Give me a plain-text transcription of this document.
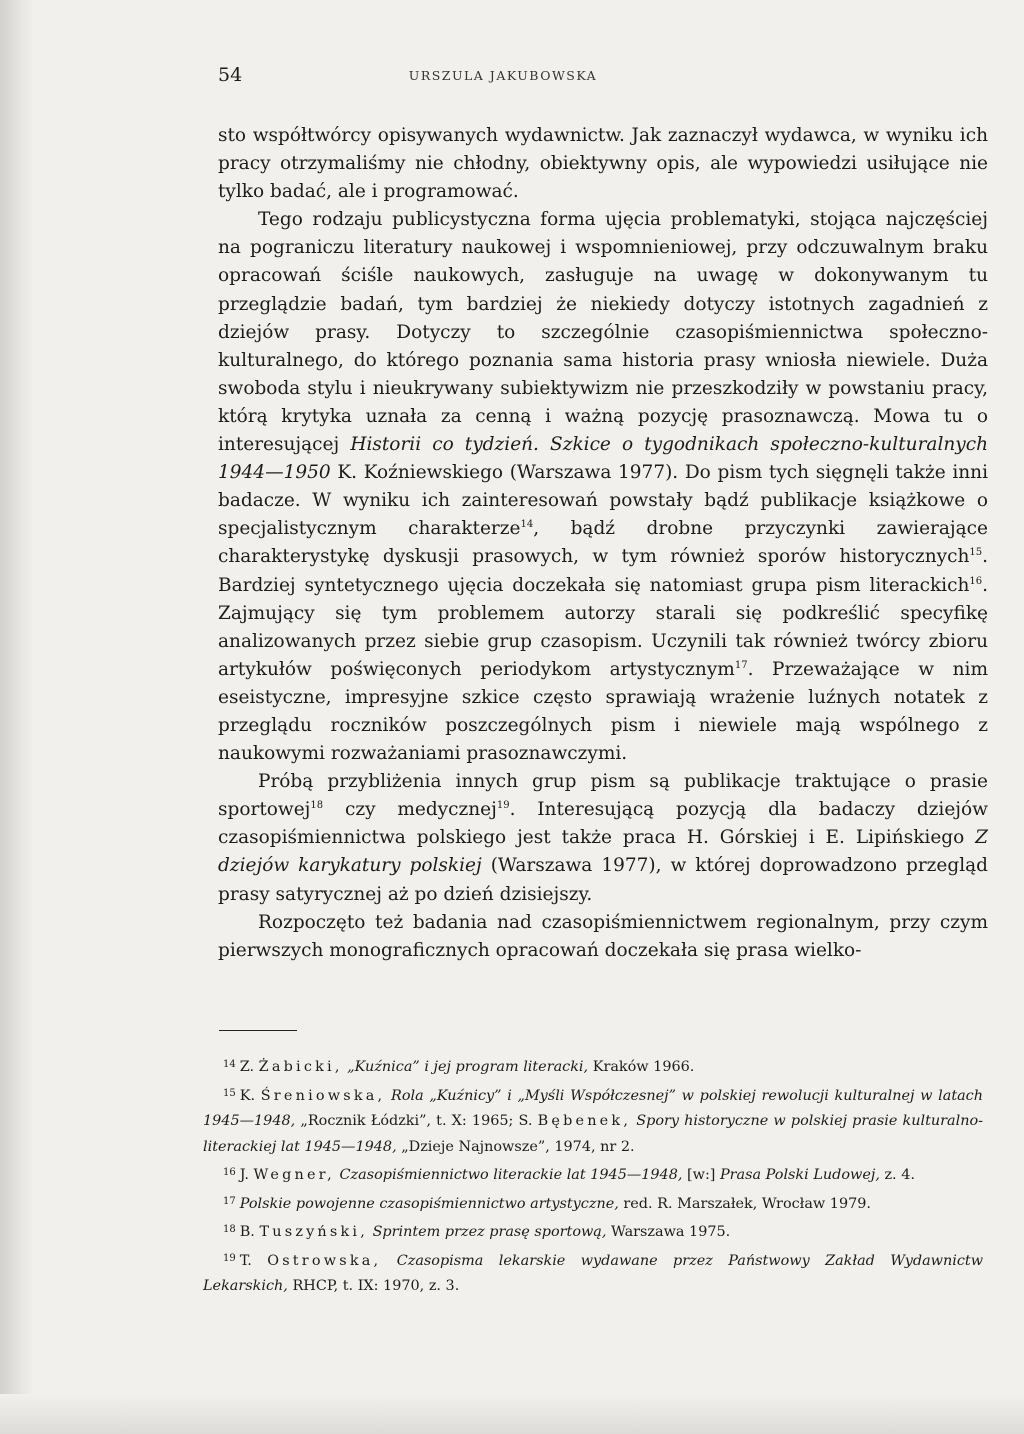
54	URSZULA JAKUBOWSKA

sto współtwórcy opisywanych wydawnictw. Jak zaznaczył wydawca, w wyniku ich pracy otrzymaliśmy nie chłodny, obiektywny opis, ale wypowiedzi usiłujące nie tylko badać, ale i programować.

Tego rodzaju publicystyczna forma ujęcia problematyki, stojąca najczęściej na pograniczu literatury naukowej i wspomnieniowej, przy odczuwalnym braku opracowań ściśle naukowych, zasługuje na uwagę w dokonywanym tu przeglądzie badań, tym bardziej że niekiedy dotyczy istotnych zagadnień z dziejów prasy. Dotyczy to szczególnie czasopiśmiennictwa społeczno-kulturalnego, do którego poznania sama historia prasy wniosła niewiele. Duża swoboda stylu i nieukrywany subiektywizm nie przeszkodziły w powstaniu pracy, którą krytyka uznała za cenną i ważną pozycję prasoznawczą. Mowa tu o interesującej Historii co tydzień. Szkice o tygodnikach społeczno-kulturalnych 1944—1950 K. Koźniewskiego (Warszawa 1977). Do pism tych sięgnęli także inni badacze. W wyniku ich zainteresowań powstały bądź publikacje książkowe o specjalistycznym charakterze$^{14}$, bądź drobne przyczynki zawierające charakterystykę dyskusji prasowych, w tym również sporów historycznych$^{15}$. Bardziej syntetycznego ujęcia doczekała się natomiast grupa pism literackich$^{16}$. Zajmujący się tym problemem autorzy starali się podkreślić specyfikę analizowanych przez siebie grup czasopism. Uczynili tak również twórcy zbioru artykułów poświęconych periodykom artystycznym$^{17}$. Przeważające w nim eseistyczne, impresyjne szkice często sprawiają wrażenie luźnych notatek z przeglądu roczników poszczególnych pism i niewiele mają wspólnego z naukowymi rozważaniami prasoznawczymi.

Próbą przybliżenia innych grup pism są publikacje traktujące o prasie sportowej$^{18}$ czy medycznej$^{19}$. Interesującą pozycją dla badaczy dziejów czasopiśmiennictwa polskiego jest także praca H. Górskiej i E. Lipińskiego Z dziejów karykatury polskiej (Warszawa 1977), w której doprowadzono przegląd prasy satyrycznej aż po dzień dzisiejszy.

Rozpoczęto też badania nad czasopiśmiennictwem regionalnym, przy czym pierwszych monograficznych opracowań doczekała się prasa wielko-

$^{14}$ Z. Żabicki, „Kuźnica” i jej program literacki, Kraków 1966.

$^{15}$ K. Śreniowska, Rola „Kuźnicy” i „Myśli Współczesnej” w polskiej rewolucji kulturalnej w latach 1945—1948, „Rocznik Łódzki”, t. X: 1965; S. Bębenek, Spory historyczne w polskiej prasie kulturalno-literackiej lat 1945—1948, „Dzieje Najnowsze”, 1974, nr 2.

$^{16}$ J. Wegner, Czasopiśmiennictwo literackie lat 1945—1948, [w:] Prasa Polski Ludowej, z. 4.

$^{17}$ Polskie powojenne czasopiśmiennictwo artystyczne, red. R. Marszałek, Wrocław 1979.

$^{18}$ B. Tuszyński, Sprintem przez prasę sportową, Warszawa 1975.

$^{19}$ T. Ostrowska, Czasopisma lekarskie wydawane przez Państwowy Zakład Wydawnictw Lekarskich, RHCP, t. IX: 1970, z. 3.
